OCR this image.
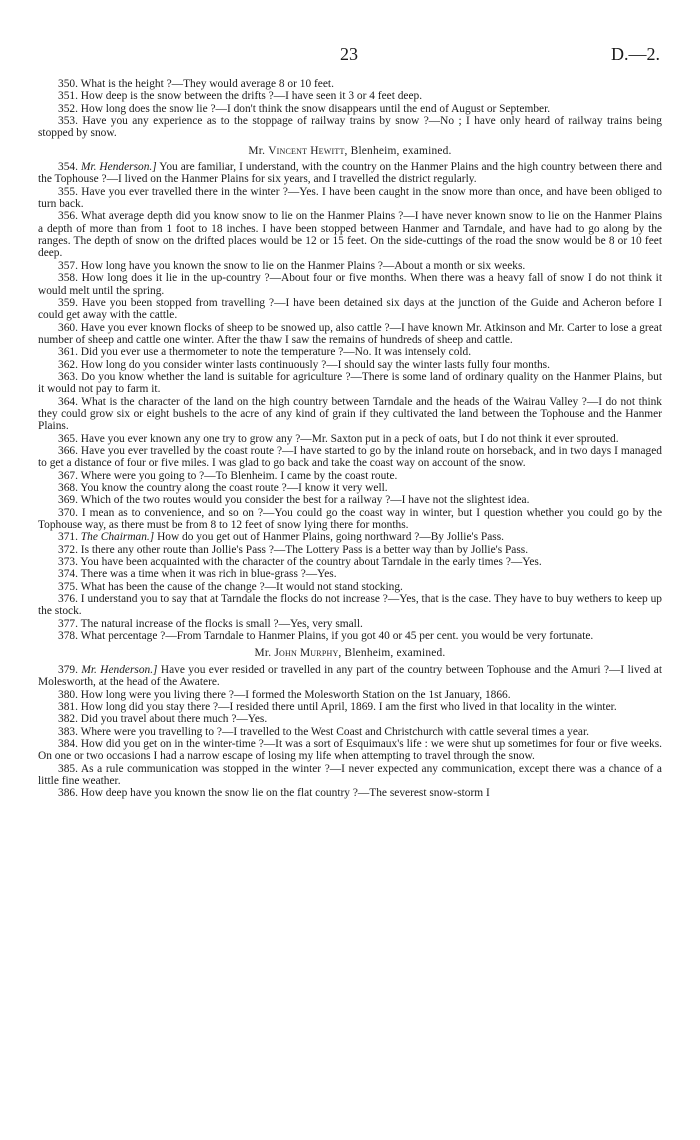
23	D.—2.

350. What is the height ?—They would average 8 or 10 feet.

351. How deep is the snow between the drifts ?—I have seen it 3 or 4 feet deep.

352. How long does the snow lie ?—I don't think the snow disappears until the end of August or September.

353. Have you any experience as to the stoppage of railway trains by snow ?—No ; I have only heard of railway trains being stopped by snow.

Mr. Vincent Hewitt, Blenheim, examined.

354. Mr. Henderson.] You are familiar, I understand, with the country on the Hanmer Plains and the high country between there and the Tophouse ?—I lived on the Hanmer Plains for six years, and I travelled the district regularly.

355. Have you ever travelled there in the winter ?—Yes. I have been caught in the snow more than once, and have been obliged to turn back.

356. What average depth did you know snow to lie on the Hanmer Plains ?—I have never known snow to lie on the Hanmer Plains a depth of more than from 1 foot to 18 inches. I have been stopped between Hanmer and Tarndale, and have had to go along by the ranges. The depth of snow on the drifted places would be 12 or 15 feet. On the side-cuttings of the road the snow would be 8 or 10 feet deep.

357. How long have you known the snow to lie on the Hanmer Plains ?—About a month or six weeks.

358. How long does it lie in the up-country ?—About four or five months. When there was a heavy fall of snow I do not think it would melt until the spring.

359. Have you been stopped from travelling ?—I have been detained six days at the junction of the Guide and Acheron before I could get away with the cattle.

360. Have you ever known flocks of sheep to be snowed up, also cattle ?—I have known Mr. Atkinson and Mr. Carter to lose a great number of sheep and cattle one winter. After the thaw I saw the remains of hundreds of sheep and cattle.

361. Did you ever use a thermometer to note the temperature ?—No. It was intensely cold.

362. How long do you consider winter lasts continuously ?—I should say the winter lasts fully four months.

363. Do you know whether the land is suitable for agriculture ?—There is some land of ordinary quality on the Hanmer Plains, but it would not pay to farm it.

364. What is the character of the land on the high country between Tarndale and the heads of the Wairau Valley ?—I do not think they could grow six or eight bushels to the acre of any kind of grain if they cultivated the land between the Tophouse and the Hanmer Plains.

365. Have you ever known any one try to grow any ?—Mr. Saxton put in a peck of oats, but I do not think it ever sprouted.

366. Have you ever travelled by the coast route ?—I have started to go by the inland route on horseback, and in two days I managed to get a distance of four or five miles. I was glad to go back and take the coast way on account of the snow.

367. Where were you going to ?—To Blenheim. I came by the coast route.

368. You know the country along the coast route ?—I know it very well.

369. Which of the two routes would you consider the best for a railway ?—I have not the slightest idea.

370. I mean as to convenience, and so on ?—You could go the coast way in winter, but I question whether you could go by the Tophouse way, as there must be from 8 to 12 feet of snow lying there for months.

371. The Chairman.] How do you get out of Hanmer Plains, going northward ?—By Jollie's Pass.

372. Is there any other route than Jollie's Pass ?—The Lottery Pass is a better way than by Jollie's Pass.

373. You have been acquainted with the character of the country about Tarndale in the early times ?—Yes.

374. There was a time when it was rich in blue-grass ?—Yes.

375. What has been the cause of the change ?—It would not stand stocking.

376. I understand you to say that at Tarndale the flocks do not increase ?—Yes, that is the case. They have to buy wethers to keep up the stock.

377. The natural increase of the flocks is small ?—Yes, very small.

378. What percentage ?—From Tarndale to Hanmer Plains, if you got 40 or 45 per cent. you would be very fortunate.

Mr. John Murphy, Blenheim, examined.

379. Mr. Henderson.] Have you ever resided or travelled in any part of the country between Tophouse and the Amuri ?—I lived at Molesworth, at the head of the Awatere.

380. How long were you living there ?—I formed the Molesworth Station on the 1st January, 1866.

381. How long did you stay there ?—I resided there until April, 1869. I am the first who lived in that locality in the winter.

382. Did you travel about there much ?—Yes.

383. Where were you travelling to ?—I travelled to the West Coast and Christchurch with cattle several times a year.

384. How did you get on in the winter-time ?—It was a sort of Esquimaux's life : we were shut up sometimes for four or five weeks. On one or two occasions I had a narrow escape of losing my life when attempting to travel through the snow.

385. As a rule communication was stopped in the winter ?—I never expected any communication, except there was a chance of a little fine weather.

386. How deep have you known the snow lie on the flat country ?—The severest snow-storm I
